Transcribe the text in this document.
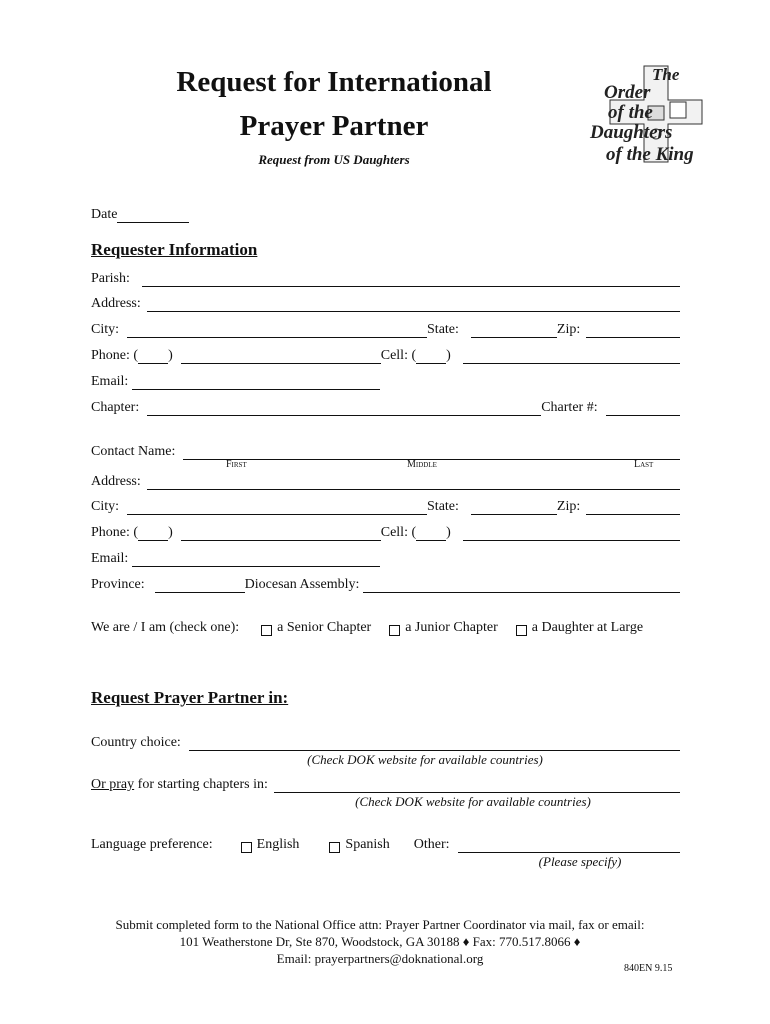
Request for International
Prayer Partner
Request from US Daughters
The
Order
of the
Daughters
of the King
Date
Requester Information
Parish:
Address:
City:	State:	Zip:
Phone: ( )	Cell: ( )
Email:
Chapter:	Charter #:
Contact Name:
First	Middle	Last
Address:
City:	State:	Zip:
Phone: ( )	Cell: ( )
Email:
Province:	Diocesan Assembly:
We are / I am (check one):	a Senior Chapter a Junior Chapter a Daughter at Large
Request Prayer Partner in:
Country choice:
(Check DOK website for available countries)
Or pray for starting chapters in:
(Check DOK website for available countries)
Language preference:	English	Spanish Other:
(Please specify)
Submit completed form to the National Office attn: Prayer Partner Coordinator via mail, fax or email:
101 Weatherstone Dr, Ste 870, Woodstock, GA 30188 ♦ Fax: 770.517.8066 ♦
Email: prayerpartners@doknational.org
840EN 9.15
